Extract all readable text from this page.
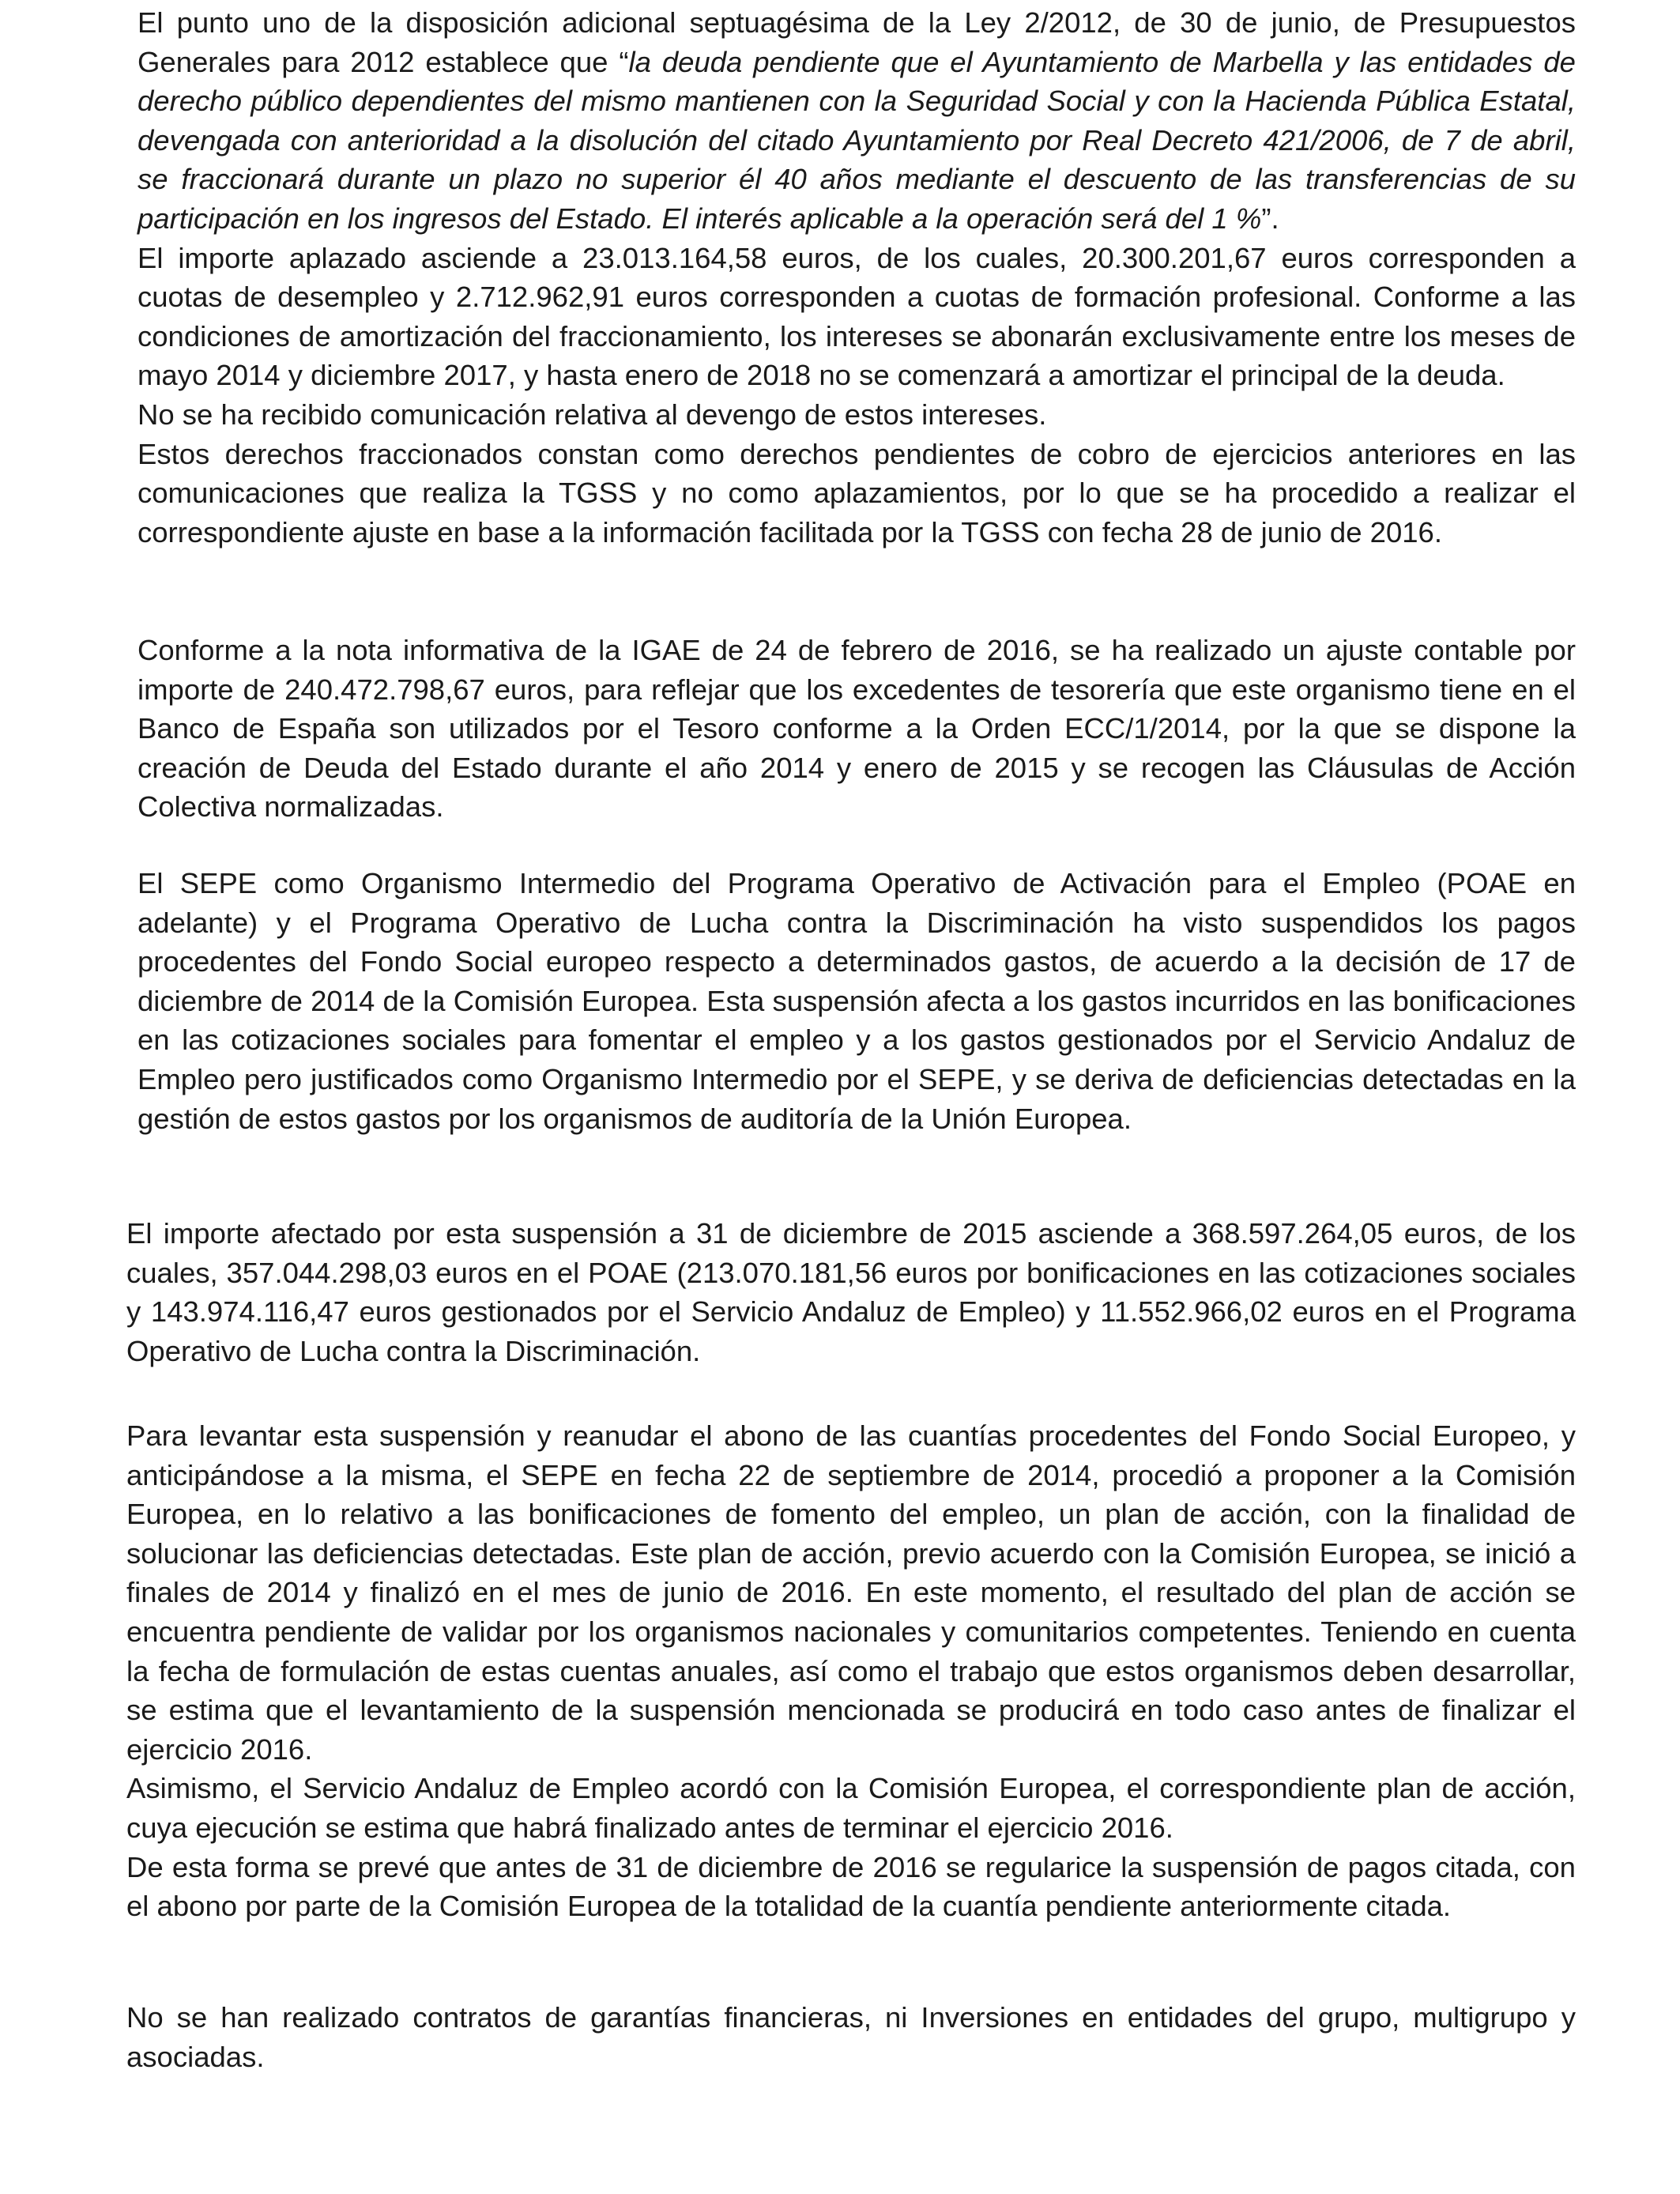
El punto uno de la disposición adicional septuagésima de la Ley 2/2012, de 30 de junio, de Presupuestos Generales para 2012 establece que “la deuda pendiente que el Ayuntamiento de Marbella y las entidades de derecho público dependientes del mismo mantienen con la Seguridad Social y con la Hacienda Pública Estatal, devengada con anterioridad a la disolución del citado Ayuntamiento por Real Decreto 421/2006, de 7 de abril, se fraccionará durante un plazo no superior él 40 años mediante el descuento de las transferencias de su participación en los ingresos del Estado. El interés aplicable a la operación será del 1 %”.

El importe aplazado asciende a 23.013.164,58 euros, de los cuales, 20.300.201,67 euros corresponden a cuotas de desempleo y 2.712.962,91 euros corresponden a cuotas de formación profesional. Conforme a las condiciones de amortización del fraccionamiento, los intereses se abonarán exclusivamente entre los meses de mayo 2014 y diciembre 2017, y hasta enero de 2018 no se comenzará a amortizar el principal de la deuda.

No se ha recibido comunicación relativa al devengo de estos intereses.

Estos derechos fraccionados constan como derechos pendientes de cobro de ejercicios anteriores en las comunicaciones que realiza la TGSS y no como aplazamientos, por lo que se ha procedido a realizar el correspondiente ajuste en base a la información facilitada por la TGSS con fecha 28 de junio de 2016.

Conforme a la nota informativa de la IGAE de 24 de febrero de 2016, se ha realizado un ajuste contable por importe de 240.472.798,67 euros, para reflejar que los excedentes de tesorería que este organismo tiene en el Banco de España son utilizados por el Tesoro conforme a la Orden ECC/1/2014, por la que se dispone la creación de Deuda del Estado durante el año 2014 y enero de 2015 y se recogen las Cláusulas de Acción Colectiva normalizadas.

El SEPE como Organismo Intermedio del Programa Operativo de Activación para el Empleo (POAE en adelante) y el Programa Operativo de Lucha contra la Discriminación ha visto suspendidos los pagos procedentes del Fondo Social europeo respecto a determinados gastos, de acuerdo a la decisión de 17 de diciembre de 2014 de la Comisión Europea. Esta suspensión afecta a los gastos incurridos en las bonificaciones en las cotizaciones sociales para fomentar el empleo y a los gastos gestionados por el Servicio Andaluz de Empleo pero justificados como Organismo Intermedio por el SEPE, y se deriva de deficiencias detectadas en la gestión de estos gastos por los organismos de auditoría de la Unión Europea.

El importe afectado por esta suspensión a 31 de diciembre de 2015 asciende a 368.597.264,05 euros, de los cuales, 357.044.298,03 euros en el POAE (213.070.181,56 euros por bonificaciones en las cotizaciones sociales y 143.974.116,47 euros gestionados por el Servicio Andaluz de Empleo) y 11.552.966,02 euros en el Programa Operativo de Lucha contra la Discriminación.

Para levantar esta suspensión y reanudar el abono de las cuantías procedentes del Fondo Social Europeo, y anticipándose a la misma, el SEPE en fecha 22 de septiembre de 2014, procedió a proponer a la Comisión Europea, en lo relativo a las bonificaciones de fomento del empleo, un plan de acción, con la finalidad de solucionar las deficiencias detectadas. Este plan de acción, previo acuerdo con la Comisión Europea, se inició a finales de 2014 y finalizó en el mes de junio de 2016. En este momento, el resultado del plan de acción se encuentra pendiente de validar por los organismos nacionales y comunitarios competentes. Teniendo en cuenta la fecha de formulación de estas cuentas anuales, así como el trabajo que estos organismos deben desarrollar, se estima que el levantamiento de la suspensión mencionada se producirá en todo caso antes de finalizar el ejercicio 2016.

Asimismo, el Servicio Andaluz de Empleo acordó con la Comisión Europea, el correspondiente plan de acción, cuya ejecución se estima que habrá finalizado antes de terminar el ejercicio 2016.

De esta forma se prevé que antes de 31 de diciembre de 2016 se regularice la suspensión de pagos citada, con el abono por parte de la Comisión Europea de la totalidad de la cuantía pendiente anteriormente citada.

No se han realizado contratos de garantías financieras, ni Inversiones en entidades del grupo, multigrupo y asociadas.
